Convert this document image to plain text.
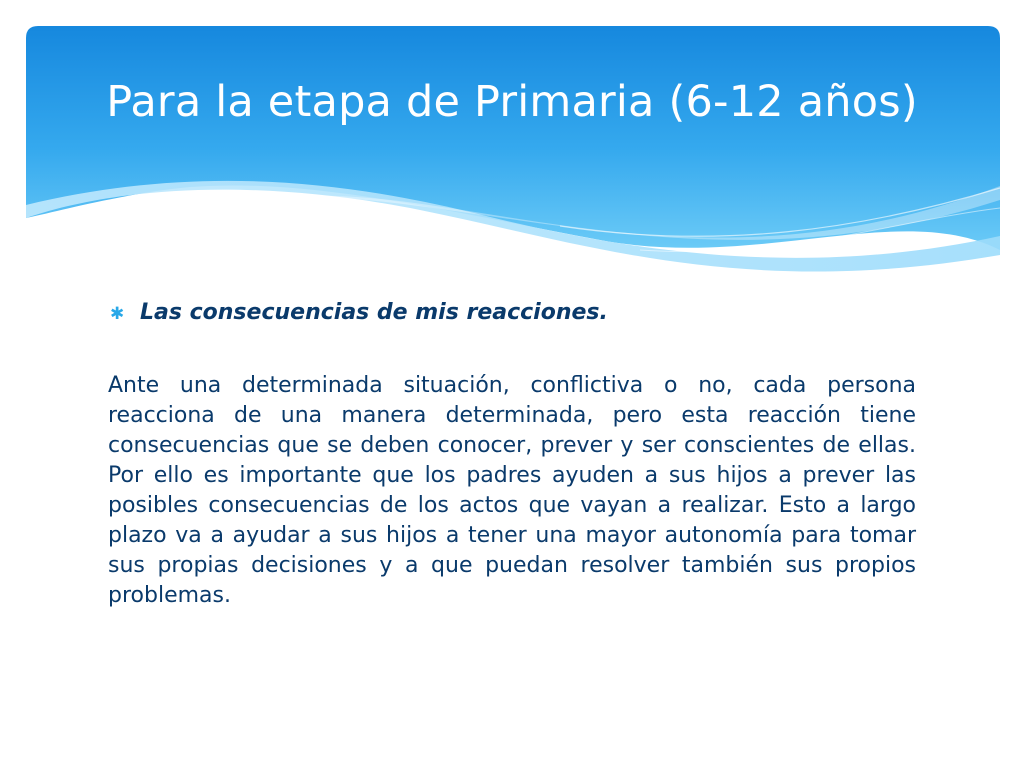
Para la etapa de Primaria (6-12 años)
✱ Las consecuencias de mis reacciones.

Ante una determinada situación, conflictiva o no, cada persona reacciona de una manera determinada, pero esta reacción tiene consecuencias que se deben conocer, prever y ser conscientes de ellas. Por ello es importante que los padres ayuden a sus hijos a prever las posibles consecuencias de los actos que vayan a realizar. Esto a largo plazo va a ayudar a sus hijos a tener una mayor autonomía para tomar sus propias decisiones y a que puedan resolver también sus propios problemas.
